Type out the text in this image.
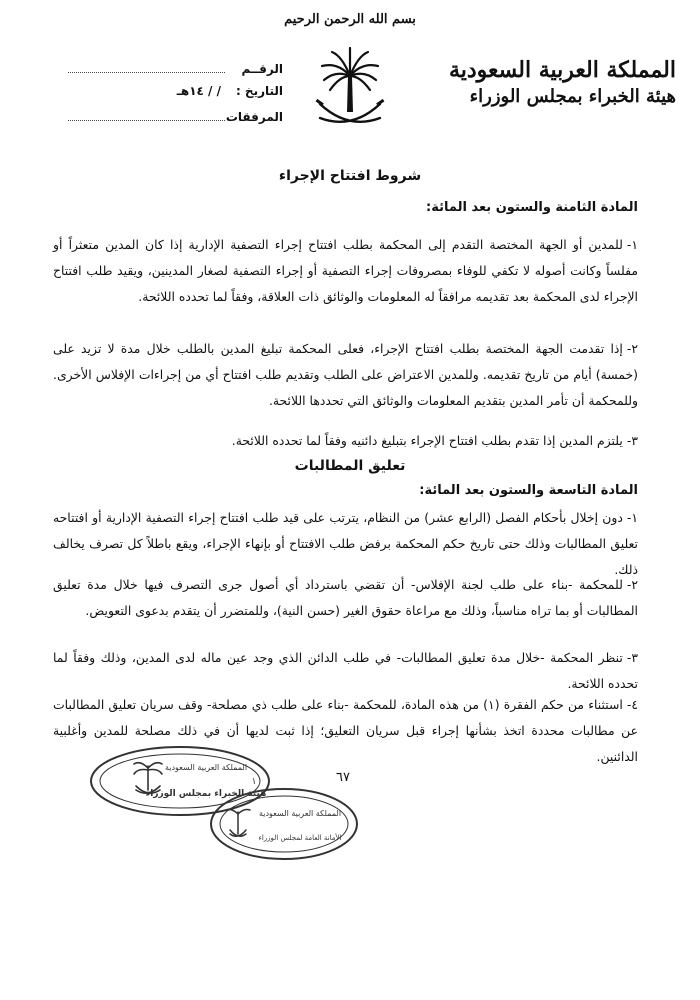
بسم الله الرحمن الرحيم
المملكة العربية السعودية
هيئة الخبراء بمجلس الوزراء
الرقــم
التاريخ :
/ / ١٤هـ
المرفقات
شروط افتتاح الإجراء
المادة الثامنة والستون بعد المائة:
١-للمدين أو الجهة المختصة التقدم إلى المحكمة بطلب افتتاح إجراء التصفية الإدارية إذا كان المدين متعثراً أو مفلساً وكانت أصوله لا تكفي للوفاء بمصروفات إجراء التصفية أو إجراء التصفية لصغار المدينين، ويقيد طلب افتتاح الإجراء لدى المحكمة بعد تقديمه مرافقاً له المعلومات والوثائق ذات العلاقة، وفقاً لما تحدده اللائحة.
٢-إذا تقدمت الجهة المختصة بطلب افتتاح الإجراء، فعلى المحكمة تبليغ المدين بالطلب خلال مدة لا تزيد على (خمسة) أيام من تاريخ تقديمه. وللمدين الاعتراض على الطلب وتقديم طلب افتتاح أي من إجراءات الإفلاس الأخرى. وللمحكمة أن تأمر المدين بتقديم المعلومات والوثائق التي تحددها اللائحة.
٣-يلتزم المدين إذا تقدم بطلب افتتاح الإجراء بتبليغ دائنيه وفقاً لما تحدده اللائحة.
تعليق المطالبات
المادة التاسعة والستون بعد المائة:
١-دون إخلال بأحكام الفصل (الرابع عشر) من النظام، يترتب على قيد طلب افتتاح إجراء التصفية الإدارية أو افتتاحه تعليق المطالبات وذلك حتى تاريخ حكم المحكمة برفض طلب الافتتاح أو بإنهاء الإجراء، ويقع باطلاً كل تصرف يخالف ذلك.
٢-للمحكمة -بناء على طلب لجنة الإفلاس- أن تقضي باسترداد أي أصول جرى التصرف فيها خلال مدة تعليق المطالبات أو بما تراه مناسباً، وذلك مع مراعاة حقوق الغير (حسن النية)، وللمتضرر أن يتقدم بدعوى التعويض.
٣-تنظر المحكمة -خلال مدة تعليق المطالبات- في طلب الدائن الذي وجد عين ماله لدى المدين، وذلك وفقاً لما تحدده اللائحة.
٤-استثناء من حكم الفقرة (١) من هذه المادة، للمحكمة -بناء على طلب ذي مصلحة- وقف سريان تعليق المطالبات عن مطالبات محددة اتخذ بشأنها إجراء قبل سريان التعليق؛ إذا ثبت لديها أن في ذلك مصلحة للمدين وأغلبية الدائنين.
٦٧
المملكة العربية السعودية
هيئة الخبراء بمجلس الوزراء
١
المملكة العربية السعودية
الأمانة العامة لمجلس الوزراء
